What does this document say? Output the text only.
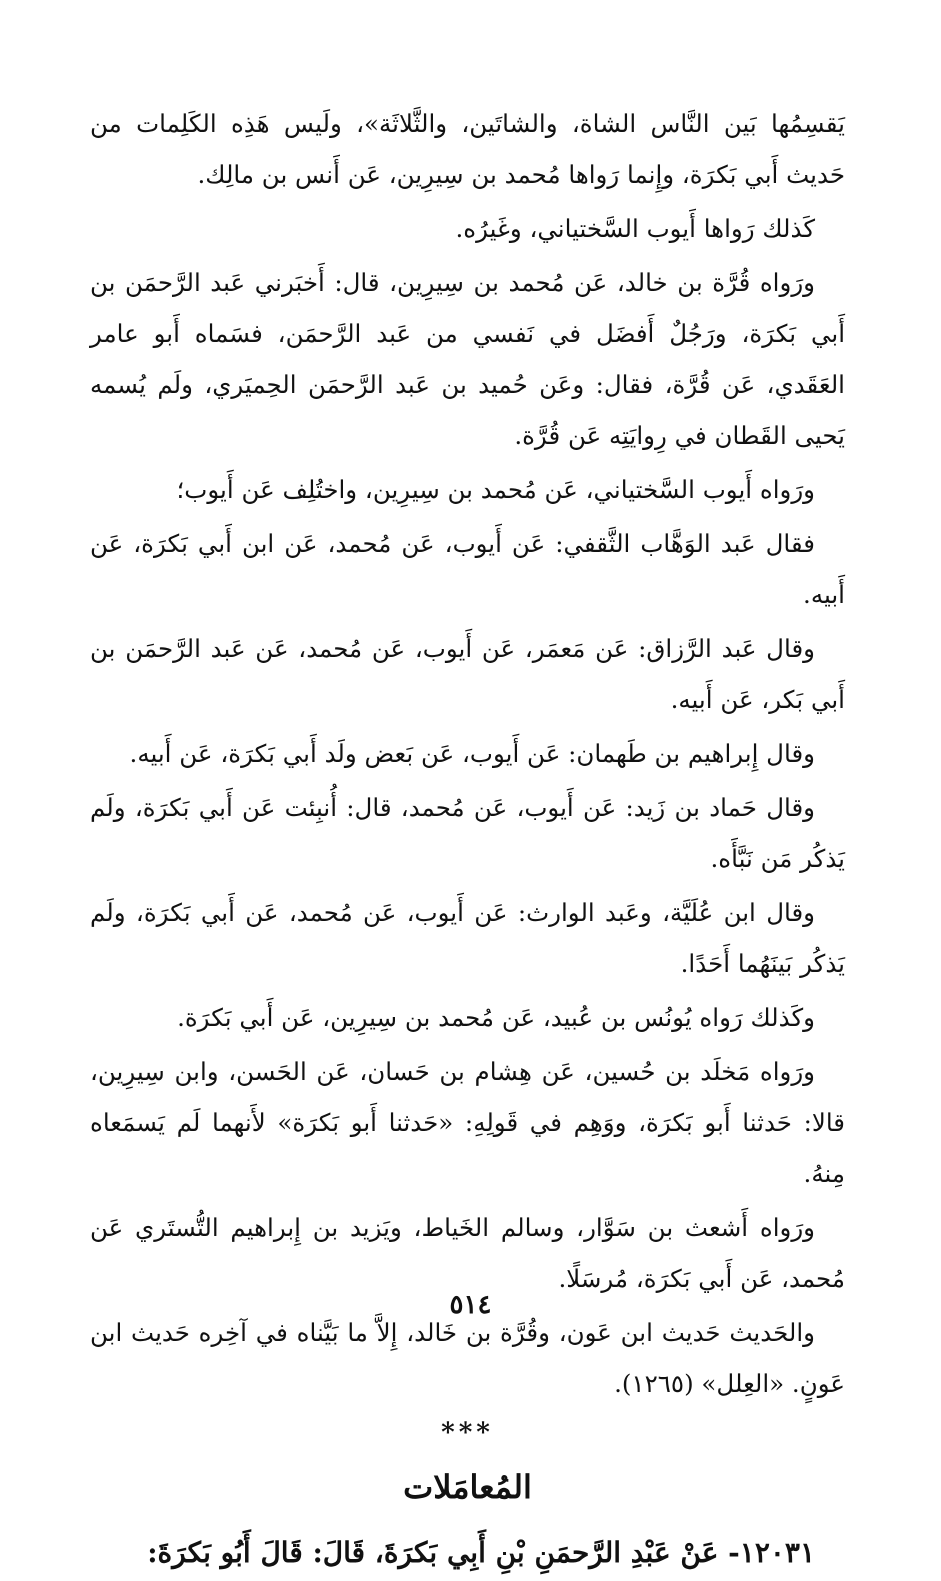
يَقسِمُها بَين النَّاس الشاة، والشاتَين، والثَّلاثَة»، ولَيس هَذِه الكَلِمات من حَديث أَبي بَكرَة، وإِنما رَواها مُحمد بن سِيرِين، عَن أَنس بن مالِك.

كَذلك رَواها أَيوب السَّختياني، وغَيرُه.

ورَواه قُرَّة بن خالد، عَن مُحمد بن سِيرِين، قال: أَخبَرني عَبد الرَّحمَن بن أَبي بَكرَة، ورَجُلٌ أَفضَل في نَفسي من عَبد الرَّحمَن، فسَماه أَبو عامر العَقَدي، عَن قُرَّة، فقال: وعَن حُميد بن عَبد الرَّحمَن الحِميَري، ولَم يُسمه يَحيى القَطان في رِوايَتِه عَن قُرَّة.

ورَواه أَيوب السَّختياني، عَن مُحمد بن سِيرِين، واختُلِف عَن أَيوب؛

فقال عَبد الوَهَّاب الثَّقفي: عَن أَيوب، عَن مُحمد، عَن ابن أَبي بَكرَة، عَن أَبيه.

وقال عَبد الرَّزاق: عَن مَعمَر، عَن أَيوب، عَن مُحمد، عَن عَبد الرَّحمَن بن أَبي بَكر، عَن أَبيه.

وقال إِبراهيم بن طَهمان: عَن أَيوب، عَن بَعض ولَد أَبي بَكرَة، عَن أَبيه.

وقال حَماد بن زَيد: عَن أَيوب، عَن مُحمد، قال: أُنبِئت عَن أَبي بَكرَة، ولَم يَذكُر مَن نَبَّأَه.

وقال ابن عُلَيَّة، وعَبد الوارث: عَن أَيوب، عَن مُحمد، عَن أَبي بَكرَة، ولَم يَذكُر بَينَهُما أَحَدًا.

وكَذلك رَواه يُونُس بن عُبيد، عَن مُحمد بن سِيرِين، عَن أَبي بَكرَة.

ورَواه مَخلَد بن حُسين، عَن هِشام بن حَسان، عَن الحَسن، وابن سِيرِين، قالا: حَدثنا أَبو بَكرَة، ووَهِم في قَولِهِ: «حَدثنا أَبو بَكرَة» لأَنهما لَم يَسمَعاه مِنهُ.

ورَواه أَشعث بن سَوَّار، وسالم الخَياط، ويَزيد بن إِبراهيم التُّستَري عَن مُحمد، عَن أَبي بَكرَة، مُرسَلًا.

والحَديث حَديث ابن عَون، وقُرَّة بن خَالد، إِلاَّ ما بَيَّناه في آخِره حَديث ابن عَونٍ. «العِلل» (١٢٦٥).

***
المُعامَلات

١٢٠٣١- عَنْ عَبْدِ الرَّحمَنِ بْنِ أَبِي بَكرَةَ، قَالَ: قَالَ أَبُو بَكرَةَ:

٥١٤
